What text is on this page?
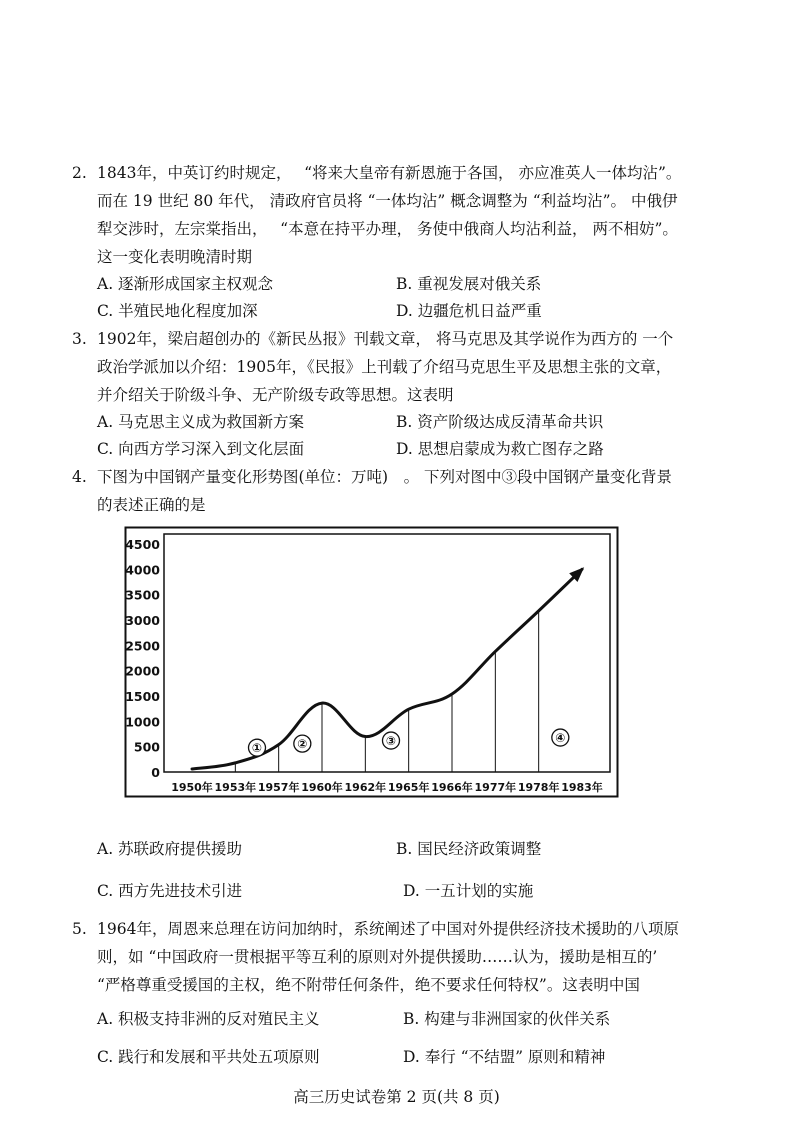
2. 1843年，中英订约时规定，　 “将来大皇帝有新恩施于各国， 亦应准英人一体均沾”。
而在 19 世纪 80 年代， 清政府官员将 “一体均沾” 概念调整为 “利益均沾”。 中俄伊
犁交涉时，左宗棠指出，　 “本意在持平办理， 务使中俄商人均沾利益， 两不相妨”。
这一变化表明晚清时期
A. 逐渐形成国家主权观念	B. 重视发展对俄关系
C. 半殖民地化程度加深	D. 边疆危机日益严重
3. 1902年，梁启超创办的《新民丛报》刊载文章， 将马克思及其学说作为西方的 一个
政治学派加以介绍：1905年，《民报》上刊载了介绍马克思生平及思想主张的文章，
并介绍关于阶级斗争、无产阶级专政等思想。这表明
A. 马克思主义成为救国新方案	B. 资产阶级达成反清革命共识
C. 向西方学习深入到文化层面	D. 思想启蒙成为救亡图存之路
4. 下图为中国钢产量变化形势图(单位：万吨)　。 下列对图中③段中国钢产量变化背景
的表述正确的是
4500
4000
3500
3000
2500
2000
1500
1000
500
0
1950年 1953年 1957年 1960年 1962年 1965年 1966年 1977年 1978年 1983年
①	②	③	④
A. 苏联政府提供援助	B. 国民经济政策调整
C. 西方先进技术引进	D. 一五计划的实施
5. 1964年，周恩来总理在访问加纳时，系统阐述了中国对外提供经济技术援助的八项原
则，如 “中国政府一贯根据平等互利的原则对外提供援助……认为，援助是相互的’
“严格尊重受援国的主权，绝不附带任何条件，绝不要求任何特权”。这表明中国
A. 积极支持非洲的反对殖民主义	B. 构建与非洲国家的伙伴关系
C. 践行和发展和平共处五项原则	D. 奉行 “不结盟” 原则和精神
高三历史试卷第 2 页(共 8 页)
